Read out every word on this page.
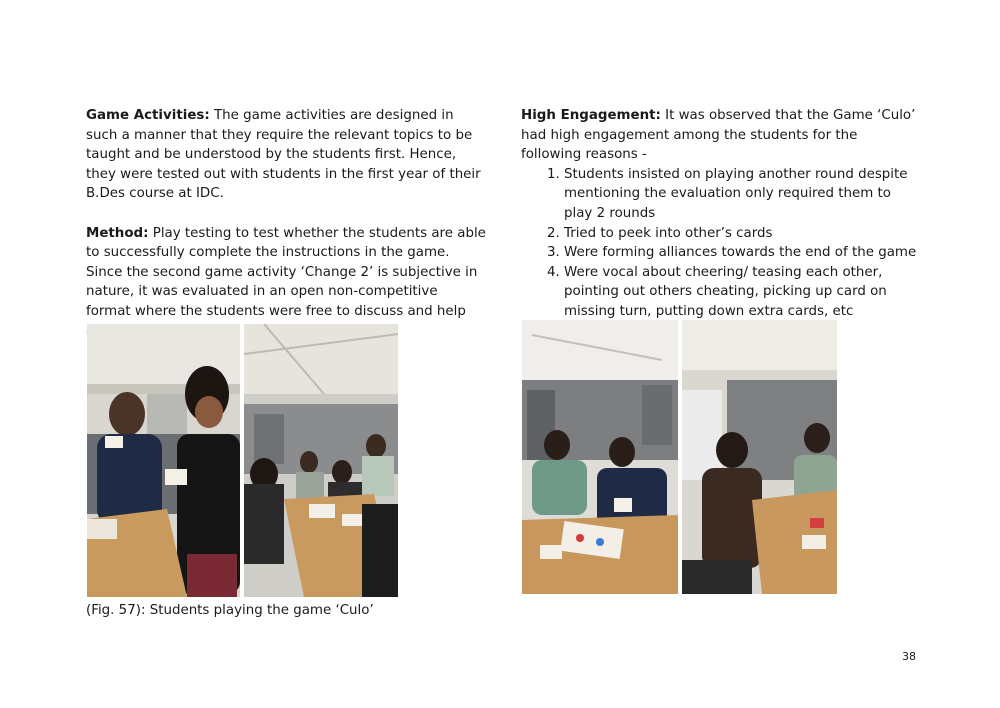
Game Activities: The game activities are designed in such a manner that they require the relevant topics to be taught and be understood by the students first. Hence, they were tested out with students in the first year of their B.Des course at IDC.

Method: Play testing to test whether the students are able to successfully complete the instructions in the game. Since the second game activity ‘Change 2’ is subjective in nature, it was evaluated in an open non-competitive format where the students were free to discuss and help

High Engagement: It was observed that the Game ‘Culo’ had high engagement among the students for the following reasons -

1. Students insisted on playing another round despite mentioning the evaluation only required them to play 2 rounds
2. Tried to peek into other’s cards
3. Were forming alliances towards the end of the game
4. Were vocal about cheering/ teasing each other, pointing out others cheating, picking up card on missing turn, putting down extra cards, etc
(Fig. 57): Students playing the game ‘Culo’
38
